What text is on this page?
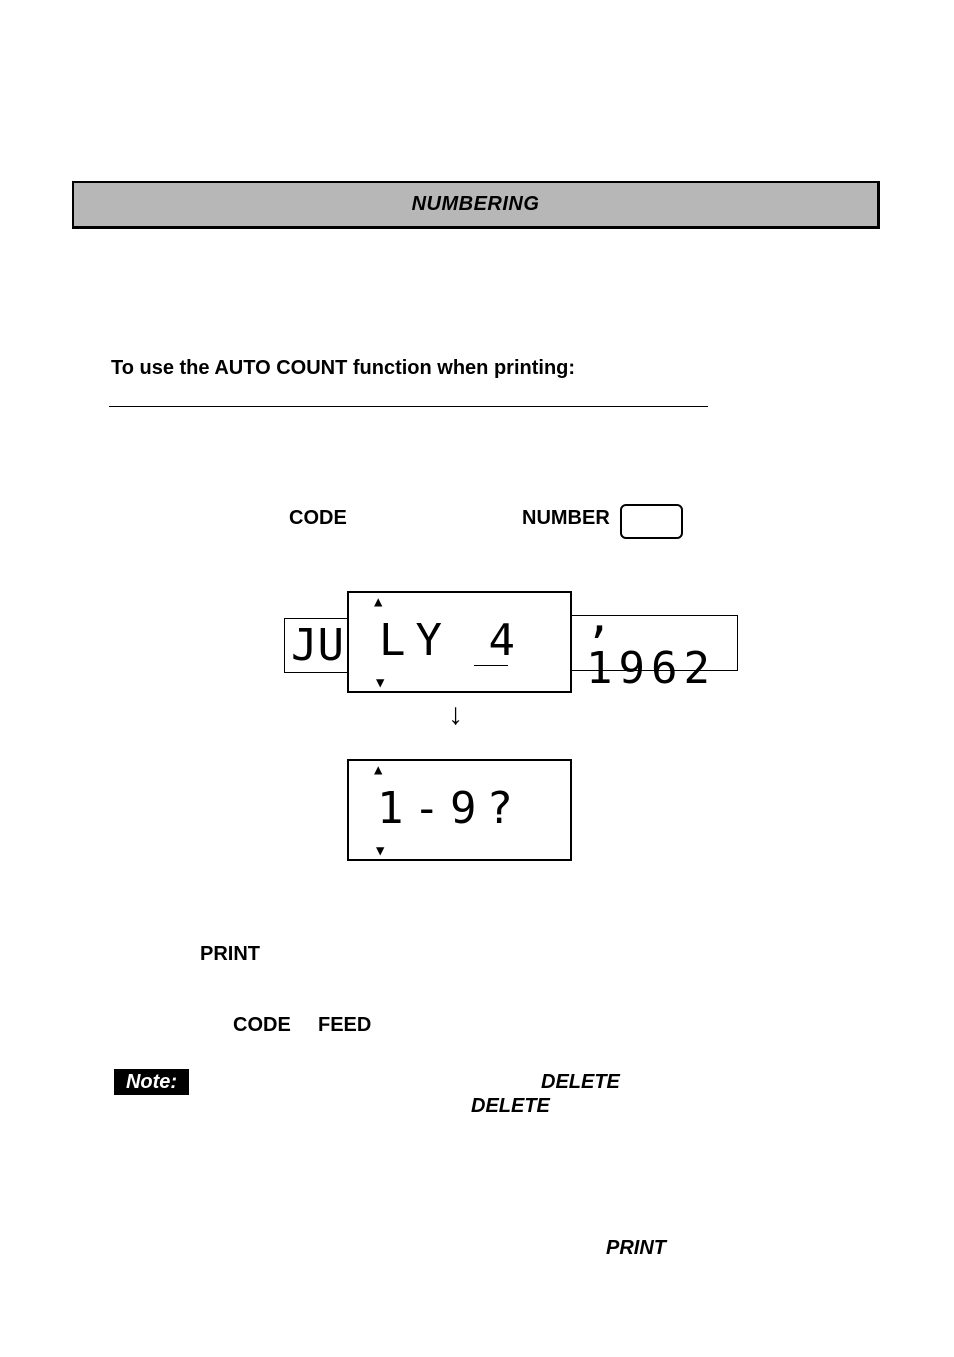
NUMBERING
To use the AUTO COUNT function when printing:
CODE	NUMBER
JU
, 1962
▲
LY 4
▼
↓
▲
1-9?
▼
PRINT
CODE FEED
Note:	DELETE
DELETE
PRINT
